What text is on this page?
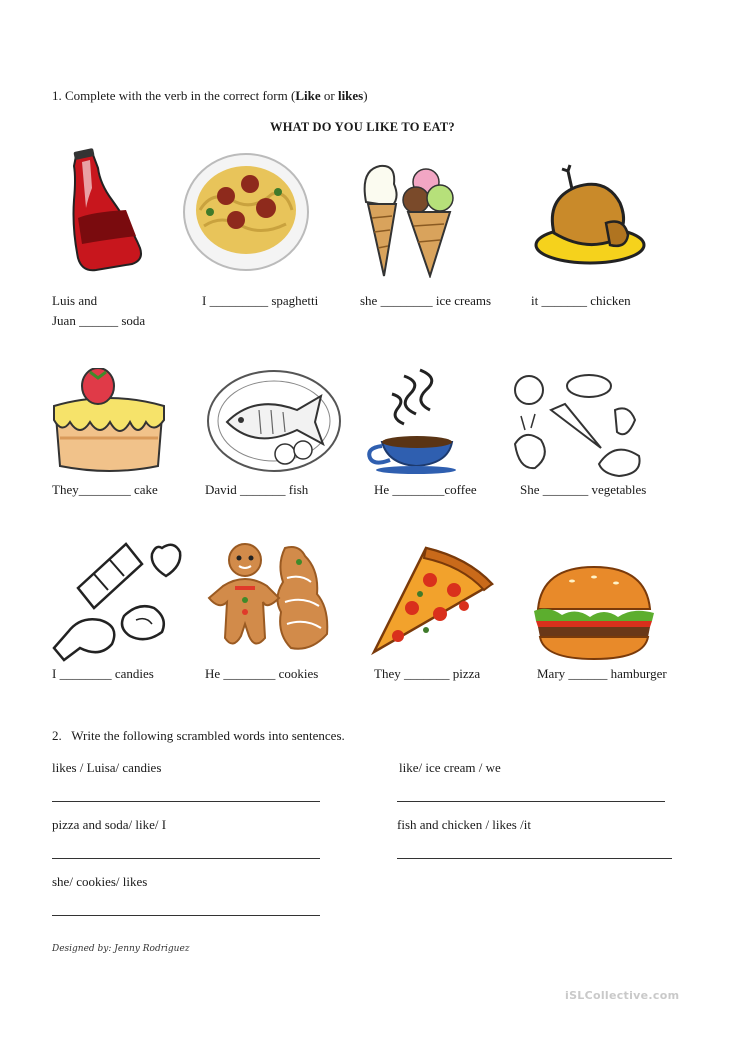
1. Complete with the verb in the correct form (Like or likes)
WHAT DO YOU LIKE TO EAT?
Luis and
Juan ______ soda
I _________ spaghetti	she ________ ice creams	it _______ chicken
They________ cake	David _______ fish	He ________coffee	She _______ vegetables
I ________ candies	He ________ cookies	They _______ pizza	Mary ______ hamburger
2.   Write the following scrambled words into sentences.
likes / Luisa/ candies	like/ ice cream / we
pizza and soda/ like/ I	fish and chicken / likes /it
she/ cookies/ likes
Designed by: Jenny Rodriguez
iSLCollective.com
